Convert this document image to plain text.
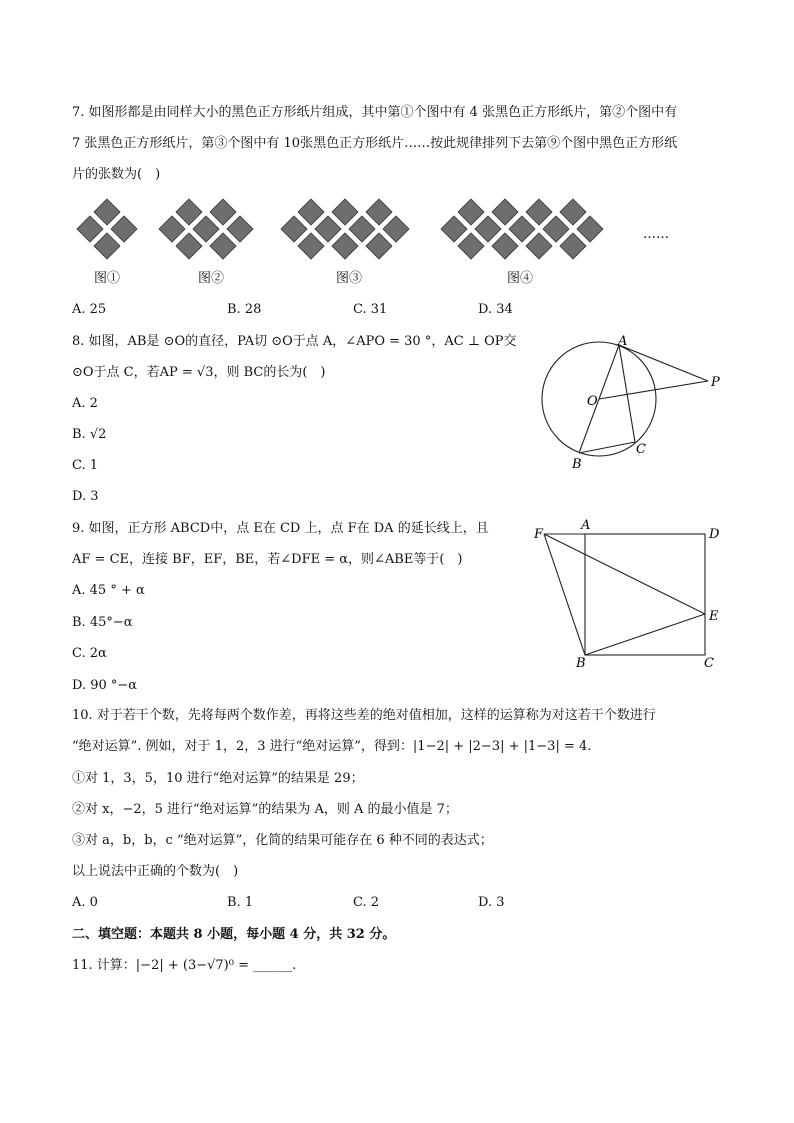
7. 如图形都是由同样大小的黑色正方形纸片组成，其中第①个图中有 4 张黑色正方形纸片，第②个图中有
7 张黑色正方形纸片，第③个图中有 10张黑色正方形纸片……按此规律排列下去第⑨个图中黑色正方形纸
片的张数为(　)
……
图①	图②	图③	图④
A. 25	B. 28	C. 31	D. 34
8. 如图，AB是 ⊙O的直径，PA切 ⊙O于点 A，∠APO = 30 °，AC ⊥ OP交
⊙O于点 C，若AP = √3，则 BC的长为(　)
A. 2
B. √2
C. 1
D. 3
A
P
O
B
C
9. 如图，正方形 ABCD中，点 E在 CD 上，点 F在 DA 的延长线上，且
AF = CE，连接 BF，EF，BE，若∠DFE = α，则∠ABE等于(　)
A. 45 ° + α
B. 45°−α
C. 2α
D. 90 °−α
F
A
D
E
B	C
10. 对于若干个数，先将每两个数作差，再将这些差的绝对值相加，这样的运算称为对这若干个数进行
“绝对运算”. 例如，对于 1，2，3 进行“绝对运算”，得到：|1−2| + |2−3| + |1−3| = 4.
①对 1，3，5，10 进行“绝对运算”的结果是 29；
②对 x，−2，5 进行“绝对运算”的结果为 A，则 A 的最小值是 7；
③对 a，b，b，c “绝对运算”，化简的结果可能存在 6 种不同的表达式；
以上说法中正确的个数为(　)
A. 0	B. 1	C. 2	D. 3
二、填空题：本题共 8 小题，每小题 4 分，共 32 分。
11. 计算：|−2| + (3−√7)⁰ = ______.
